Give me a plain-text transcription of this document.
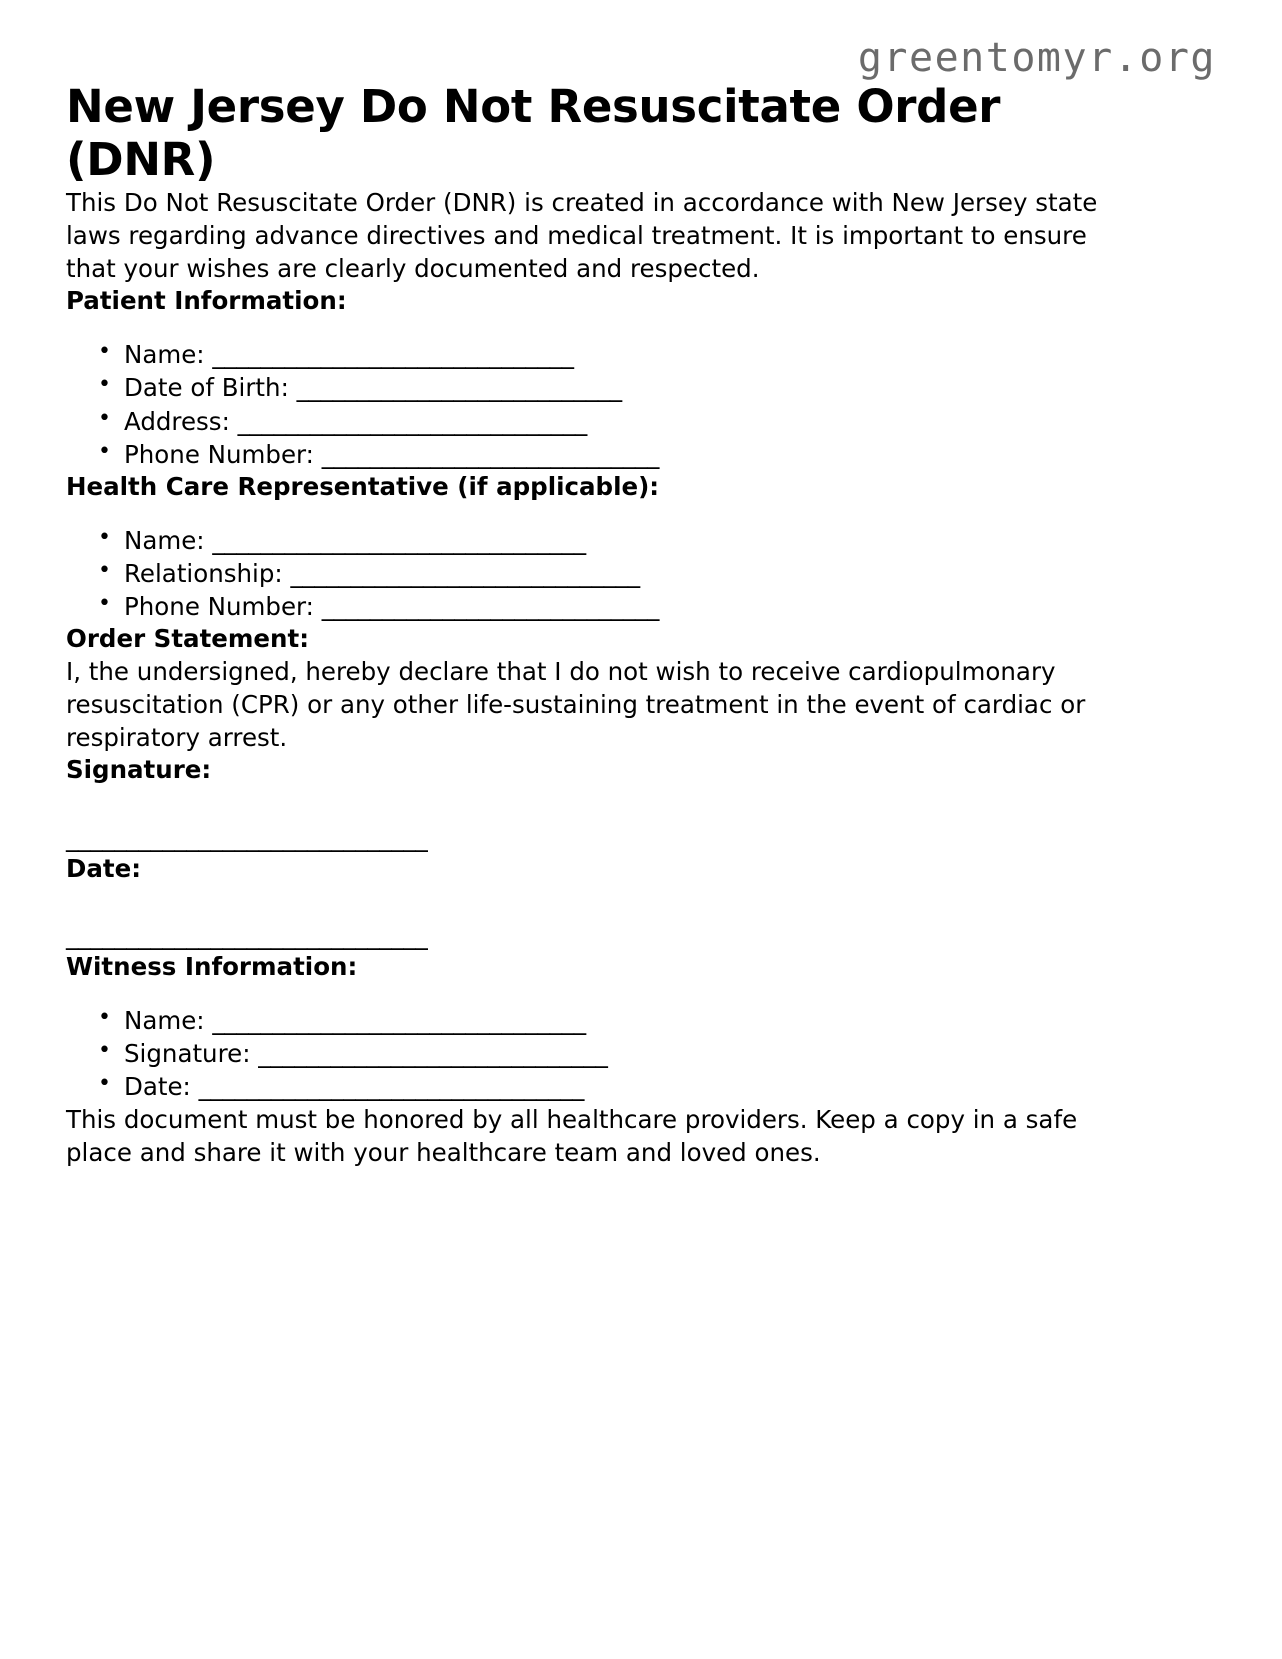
greentomyr.org
New Jersey Do Not Resuscitate Order (DNR)

This Do Not Resuscitate Order (DNR) is created in accordance with New Jersey state laws regarding advance directives and medical treatment. It is important to ensure that your wishes are clearly documented and respected.

Patient Information:
• Name: ______________________________
• Date of Birth: ___________________________
• Address: _____________________________
• Phone Number: ____________________________
Health Care Representative (if applicable):
• Name: _______________________________
• Relationship: _____________________________
• Phone Number: ____________________________
Order Statement:

I, the undersigned, hereby declare that I do not wish to receive cardiopulmonary resuscitation (CPR) or any other life-sustaining treatment in the event of cardiac or respiratory arrest.

Signature:
______________________________
Date:
______________________________
Witness Information:
• Name: _______________________________
• Signature: _____________________________
• Date: ________________________________

This document must be honored by all healthcare providers. Keep a copy in a safe place and share it with your healthcare team and loved ones.
